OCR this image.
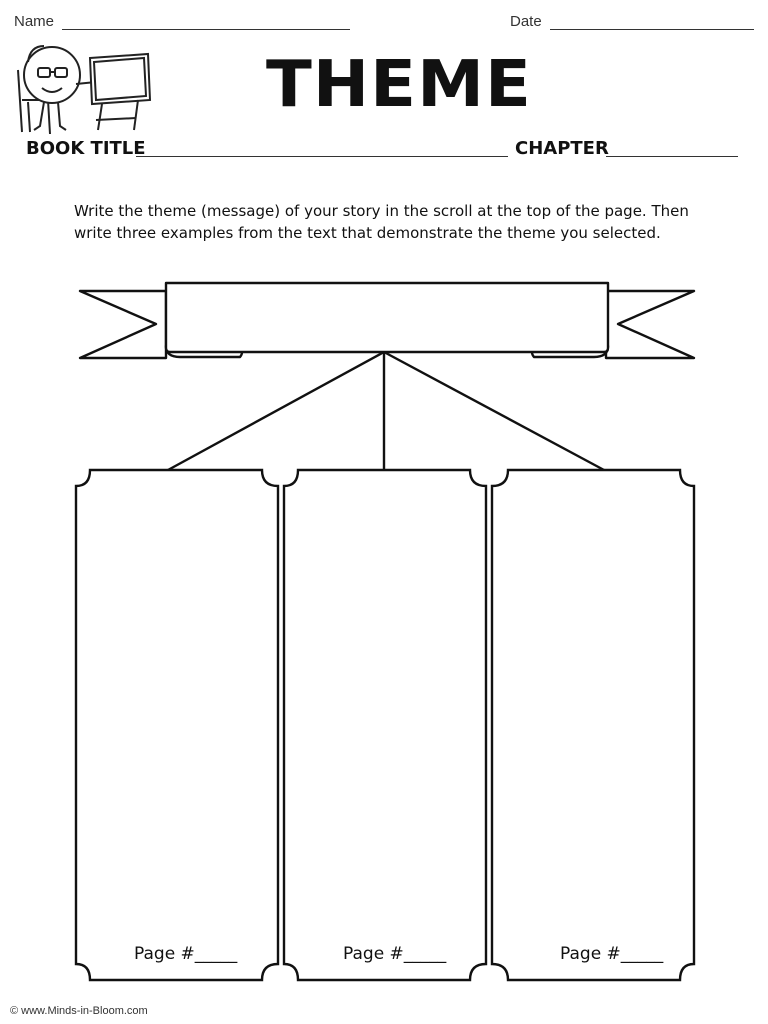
Name	Date
THEME
BOOK TITLE	CHAPTER
Write the theme (message) of your story in the scroll at the top of the page. Then write three examples from the text that demonstrate the theme you selected.
Page #_____	Page #_____	Page #_____
© www.Minds-in-Bloom.com
